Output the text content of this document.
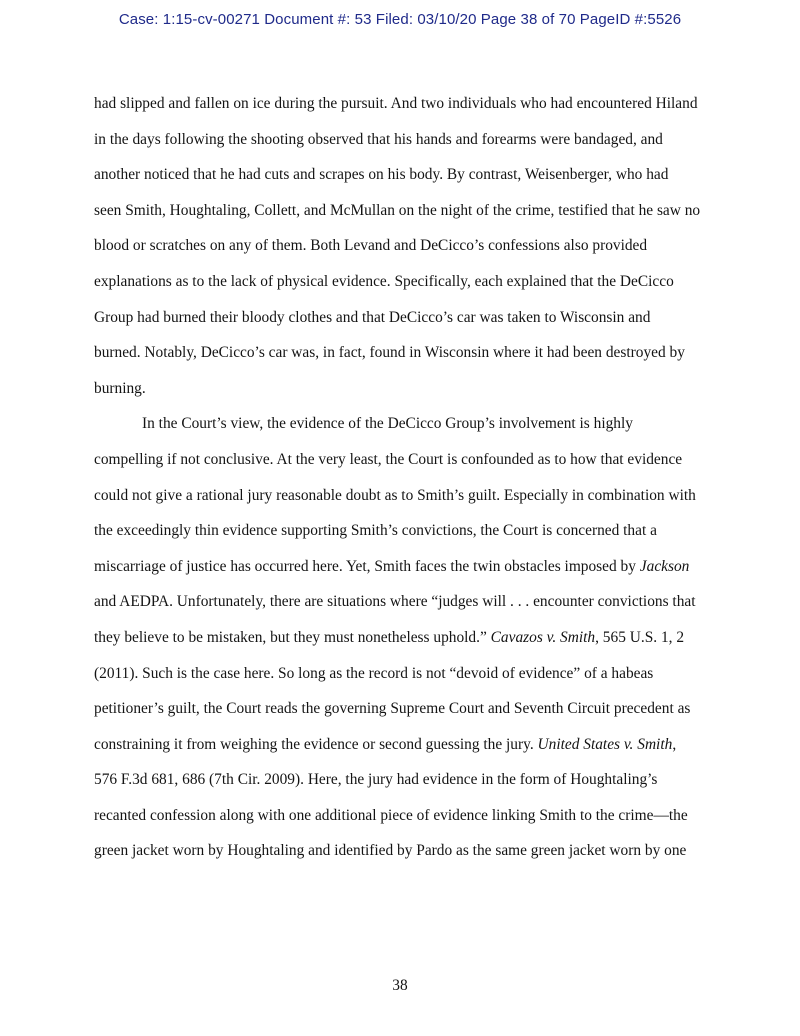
Case: 1:15-cv-00271 Document #: 53 Filed: 03/10/20 Page 38 of 70 PageID #:5526
had slipped and fallen on ice during the pursuit. And two individuals who had encountered Hiland
in the days following the shooting observed that his hands and forearms were bandaged, and
another noticed that he had cuts and scrapes on his body. By contrast, Weisenberger, who had
seen Smith, Houghtaling, Collett, and McMullan on the night of the crime, testified that he saw no
blood or scratches on any of them. Both Levand and DeCicco’s confessions also provided
explanations as to the lack of physical evidence. Specifically, each explained that the DeCicco
Group had burned their bloody clothes and that DeCicco’s car was taken to Wisconsin and
burned. Notably, DeCicco’s car was, in fact, found in Wisconsin where it had been destroyed by
burning.
In the Court’s view, the evidence of the DeCicco Group’s involvement is highly
compelling if not conclusive. At the very least, the Court is confounded as to how that evidence
could not give a rational jury reasonable doubt as to Smith’s guilt. Especially in combination with
the exceedingly thin evidence supporting Smith’s convictions, the Court is concerned that a
miscarriage of justice has occurred here. Yet, Smith faces the twin obstacles imposed by Jackson
and AEDPA. Unfortunately, there are situations where “judges will . . . encounter convictions that
they believe to be mistaken, but they must nonetheless uphold.” Cavazos v. Smith, 565 U.S. 1, 2
(2011). Such is the case here. So long as the record is not “devoid of evidence” of a habeas
petitioner’s guilt, the Court reads the governing Supreme Court and Seventh Circuit precedent as
constraining it from weighing the evidence or second guessing the jury. United States v. Smith,
576 F.3d 681, 686 (7th Cir. 2009). Here, the jury had evidence in the form of Houghtaling’s
recanted confession along with one additional piece of evidence linking Smith to the crime—the
green jacket worn by Houghtaling and identified by Pardo as the same green jacket worn by one
38
